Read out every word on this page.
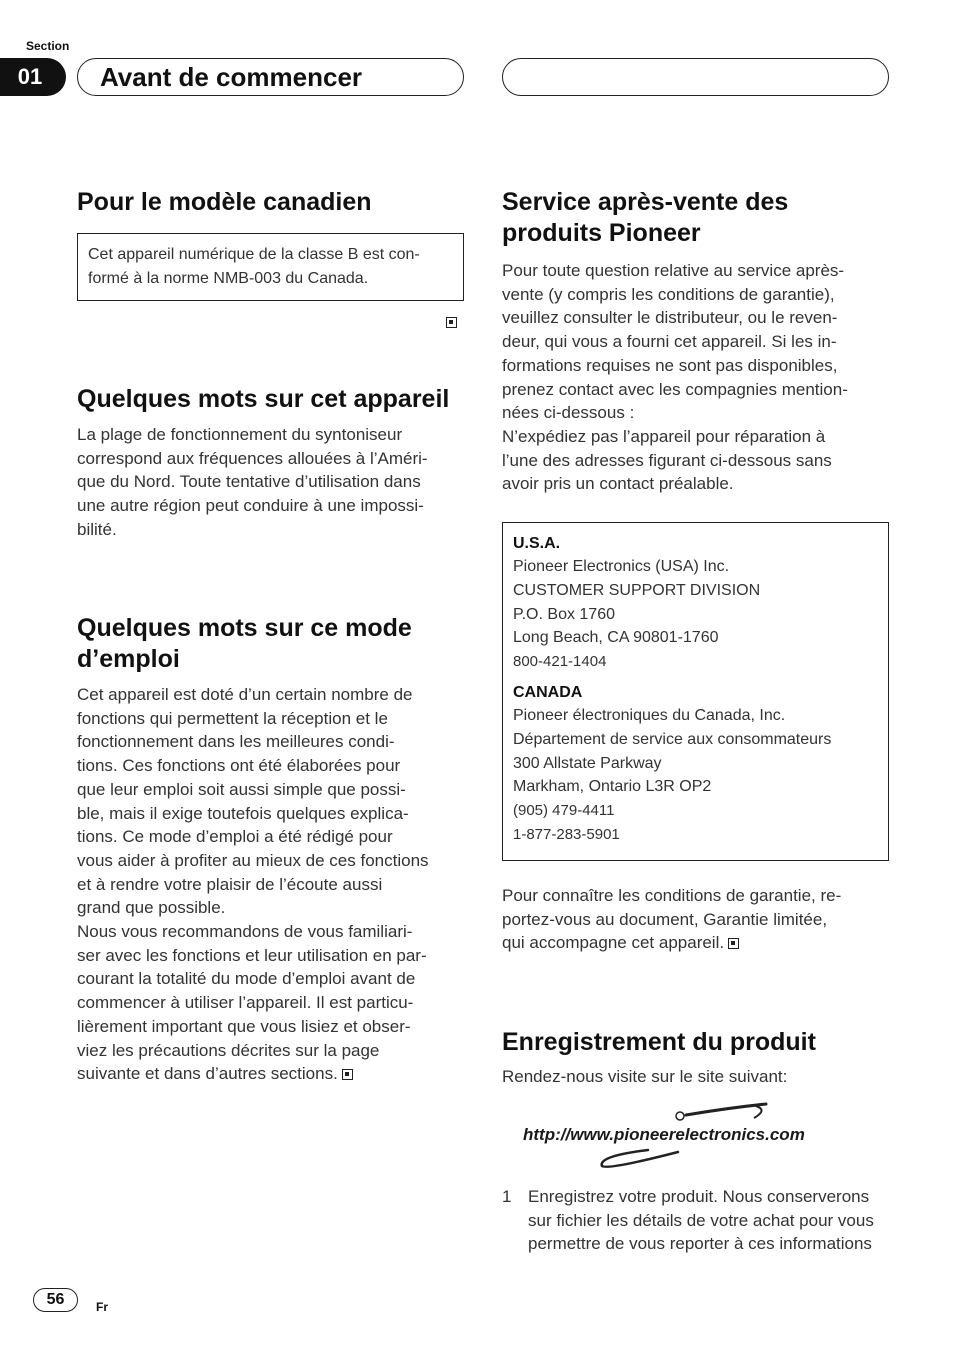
Section
01	Avant de commencer
Pour le modèle canadien
Cet appareil numérique de la classe B est con-
formé à la norme NMB-003 du Canada.
Quelques mots sur cet appareil

La plage de fonctionnement du syntoniseur
correspond aux fréquences allouées à l’Améri-
que du Nord. Toute tentative d’utilisation dans
une autre région peut conduire à une impossi-
bilité.

Quelques mots sur ce mode
d’emploi
Cet appareil est doté d’un certain nombre de
fonctions qui permettent la réception et le
fonctionnement dans les meilleures condi-
tions. Ces fonctions ont été élaborées pour
que leur emploi soit aussi simple que possi-
ble, mais il exige toutefois quelques explica-
tions. Ce mode d’emploi a été rédigé pour
vous aider à profiter au mieux de ces fonctions
et à rendre votre plaisir de l’écoute aussi
grand que possible.
Nous vous recommandons de vous familiari-
ser avec les fonctions et leur utilisation en par-
courant la totalité du mode d’emploi avant de
commencer à utiliser l’appareil. Il est particu-
lièrement important que vous lisiez et obser-
viez les précautions décrites sur la page
suivante et dans d’autres sections.
Service après-vente des
produits Pioneer

Pour toute question relative au service après-
vente (y compris les conditions de garantie),
veuillez consulter le distributeur, ou le reven-
deur, qui vous a fourni cet appareil. Si les in-
formations requises ne sont pas disponibles,
prenez contact avec les compagnies mention-
nées ci-dessous :
N’expédiez pas l’appareil pour réparation à
l’une des adresses figurant ci-dessous sans
avoir pris un contact préalable.

U.S.A.
Pioneer Electronics (USA) Inc.
CUSTOMER SUPPORT DIVISION
P.O. Box 1760
Long Beach, CA 90801-1760
800-421-1404
CANADA
Pioneer électroniques du Canada, Inc.
Département de service aux consommateurs
300 Allstate Parkway
Markham, Ontario L3R OP2
(905) 479-4411
1-877-283-5901
Pour connaître les conditions de garantie, re-
portez-vous au document, Garantie limitée,
qui accompagne cet appareil.
Enregistrement du produit

Rendez-nous visite sur le site suivant:

http://www.pioneerelectronics.com
1 Enregistrez votre produit. Nous conserverons
sur fichier les détails de votre achat pour vous
permettre de vous reporter à ces informations

56	Fr
